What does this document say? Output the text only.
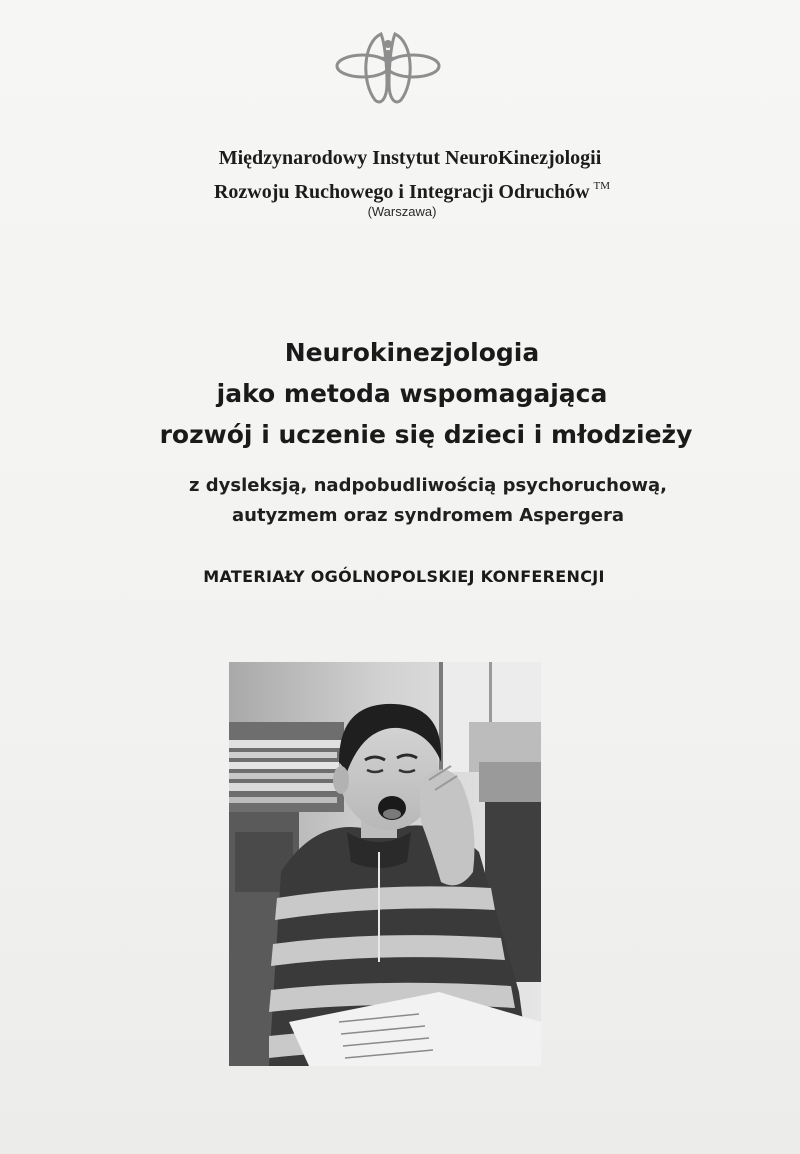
Międzynarodowy Instytut NeuroKinezjologii
Rozwoju Ruchowego i Integracji Odruchów ™
(Warszawa)
Neurokinezjologia
jako metoda wspomagająca
rozwój i uczenie się dzieci i młodzieży
z dysleksją, nadpobudliwością psychoruchową,
autyzmem oraz syndromem Aspergera
MATERIAŁY OGÓLNOPOLSKIEJ KONFERENCJI
